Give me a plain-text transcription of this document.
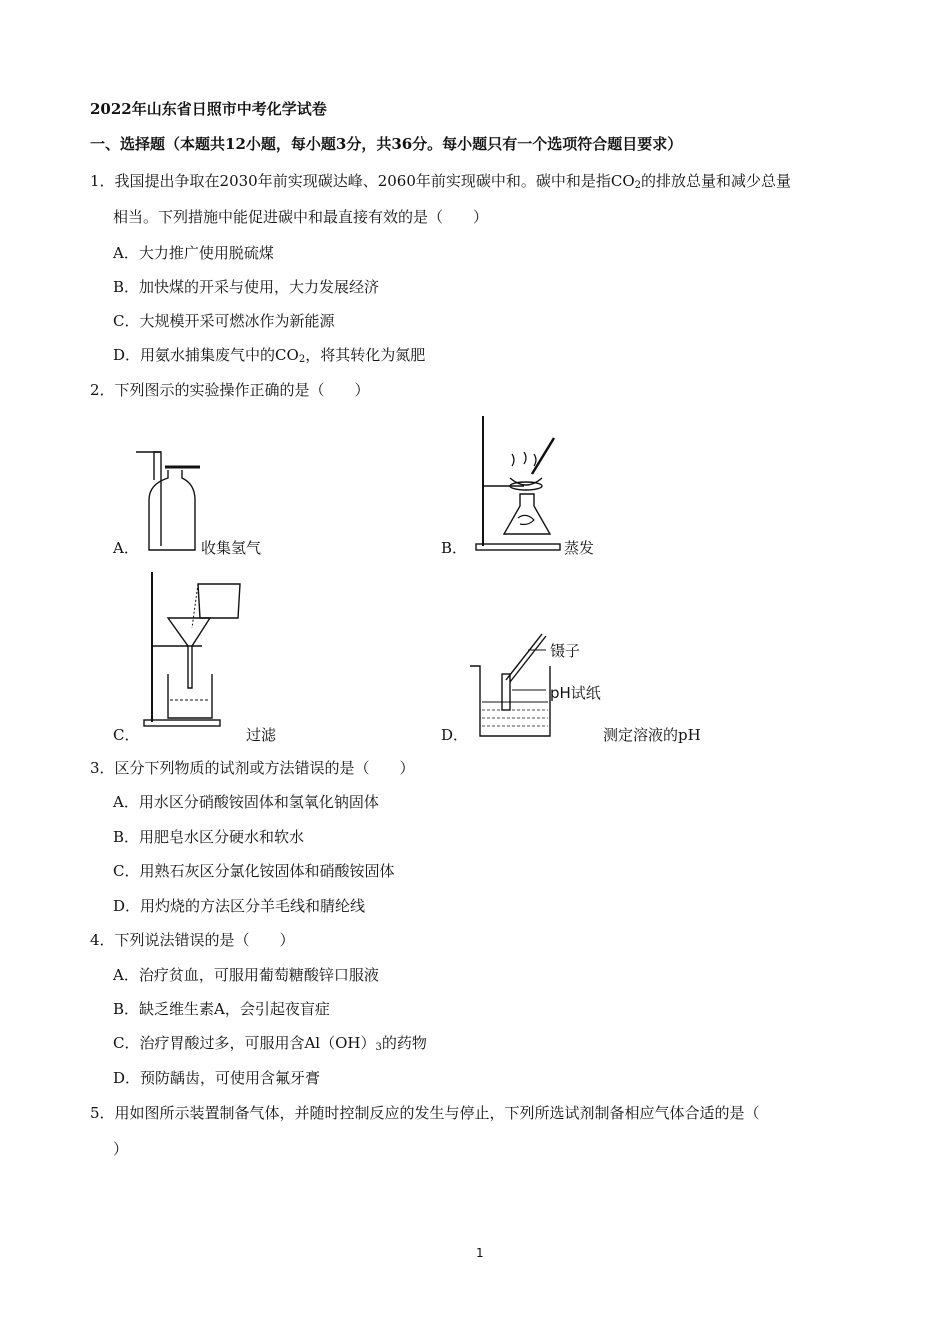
2022年山东省日照市中考化学试卷
一、选择题（本题共12小题，每小题3分，共36分。每小题只有一个选项符合题目要求）
1．我国提出争取在2030年前实现碳达峰、2060年前实现碳中和。碳中和是指$CO_2$的排放总量和减少总量
相当。下列措施中能促进碳中和最直接有效的是（　　）
A．大力推广使用脱硫煤
B．加快煤的开采与使用，大力发展经济
C．大规模开采可燃冰作为新能源
D．用氨水捕集废气中的$CO_2$，将其转化为氮肥
2．下列图示的实验操作正确的是（　　）
A．	收集氢气	B．	蒸发
C．	过滤	D．
镊子
pH试纸
测定溶液的pH
3．区分下列物质的试剂或方法错误的是（　　）
A．用水区分硝酸铵固体和氢氧化钠固体
B．用肥皂水区分硬水和软水
C．用熟石灰区分氯化铵固体和硝酸铵固体
D．用灼烧的方法区分羊毛线和腈纶线
4．下列说法错误的是（　　）
A．治疗贫血，可服用葡萄糖酸锌口服液
B．缺乏维生素A，会引起夜盲症
C．治疗胃酸过多，可服用含$Al(OH)_3$的药物
D．预防龋齿，可使用含氟牙膏
5．用如图所示装置制备气体，并随时控制反应的发生与停止，下列所选试剂制备相应气体合适的是（
）
1
